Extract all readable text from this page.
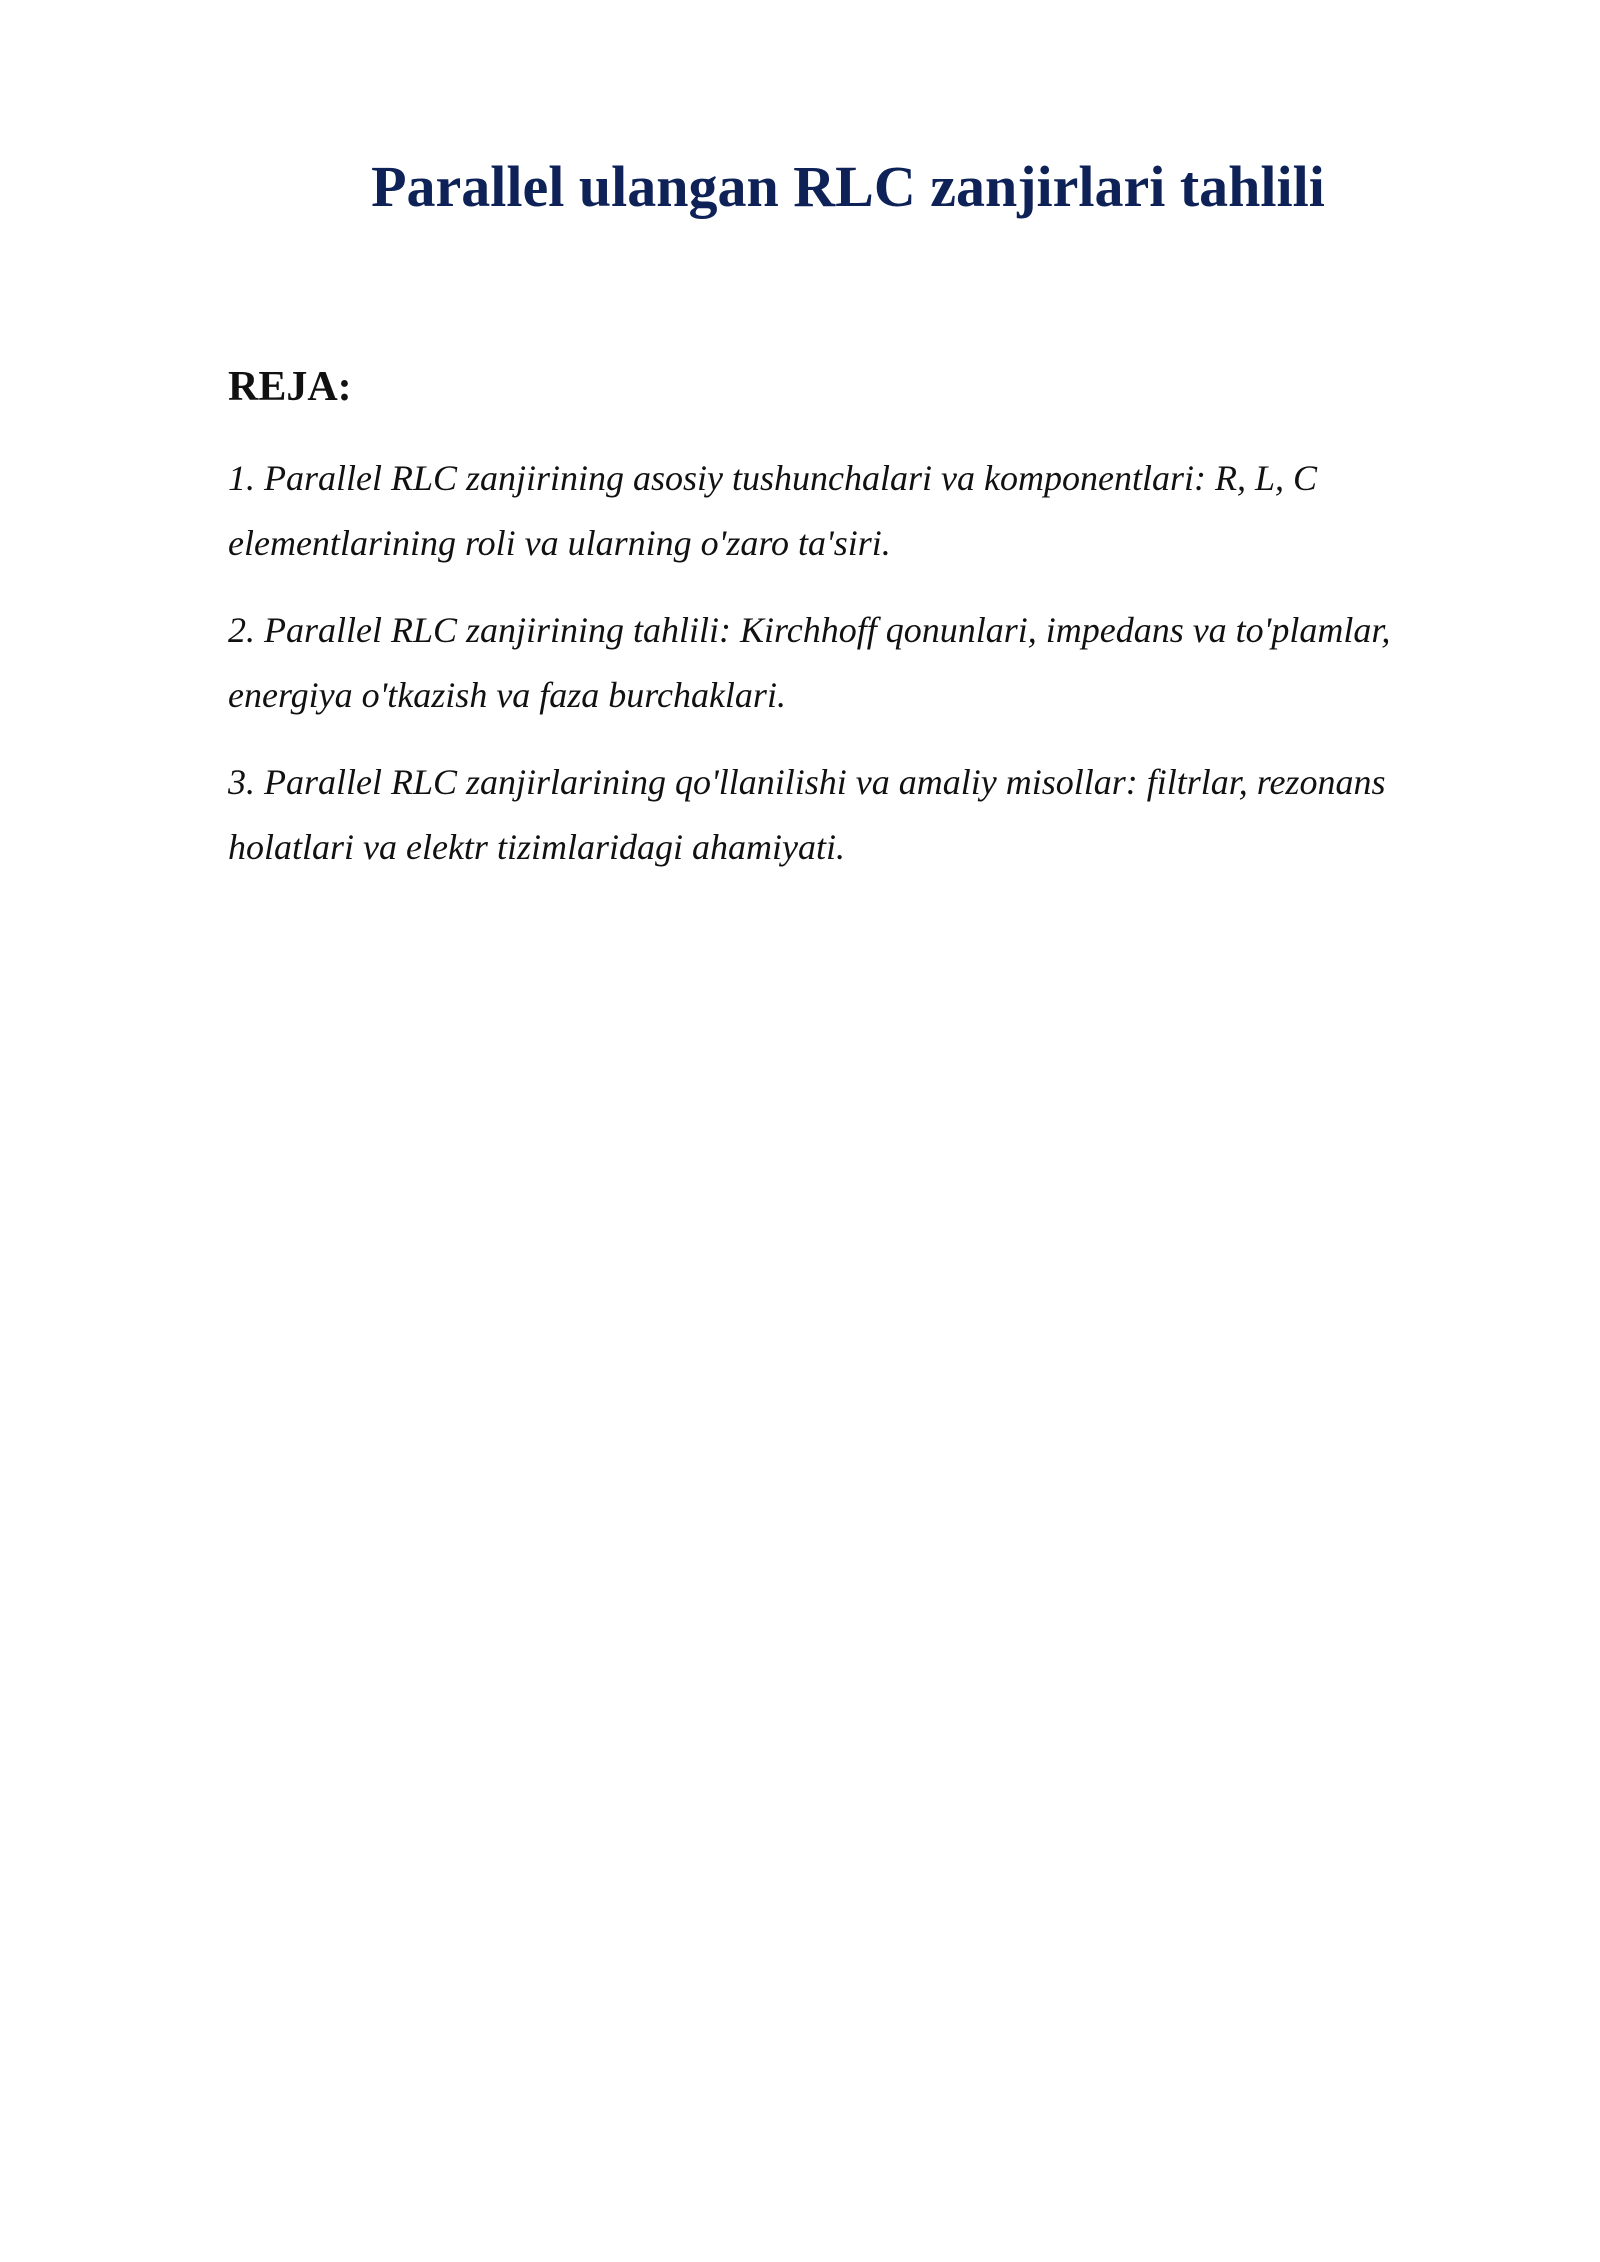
Parallel ulangan RLC zanjirlari tahlili
REJA:
1. Parallel RLC zanjirining asosiy tushunchalari va komponentlari: R, L, C elementlarining roli va ularning o'zaro ta'siri.
2. Parallel RLC zanjirining tahlili: Kirchhoff qonunlari, impedans va to'plamlar, energiya o'tkazish va faza burchaklari.
3. Parallel RLC zanjirlarining qo'llanilishi va amaliy misollar: filtrlar, rezonans holatlari va elektr tizimlaridagi ahamiyati.
